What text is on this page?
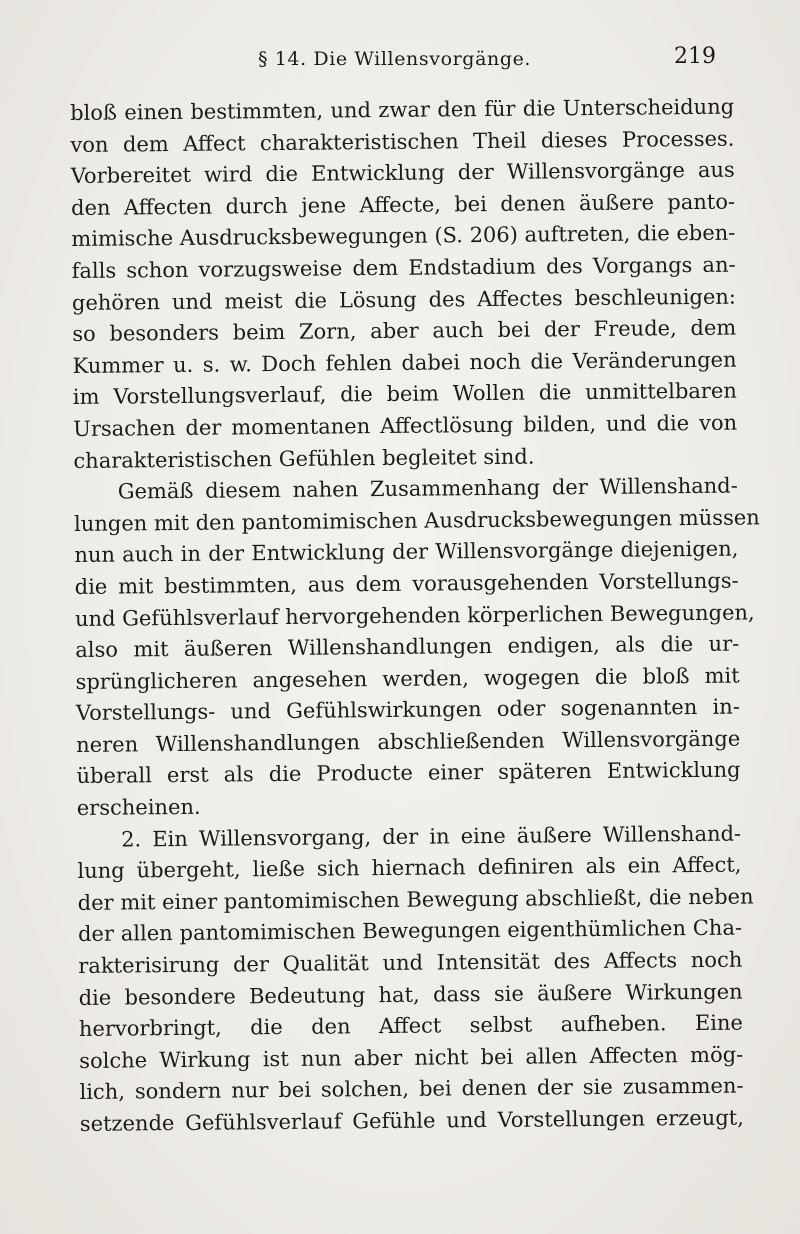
§ 14. Die Willensvorgänge.	219
bloß einen bestimmten, und zwar den für die Unterscheidung
von dem Affect charakteristischen Theil dieses Processes.
Vorbereitet wird die Entwicklung der Willensvorgänge aus
den Affecten durch jene Affecte, bei denen äußere panto-
mimische Ausdrucksbewegungen (S. 206) auftreten, die eben-
falls schon vorzugsweise dem Endstadium des Vorgangs an-
gehören und meist die Lösung des Affectes beschleunigen:
so besonders beim Zorn, aber auch bei der Freude, dem
Kummer u. s. w. Doch fehlen dabei noch die Veränderungen
im Vorstellungsverlauf, die beim Wollen die unmittelbaren
Ursachen der momentanen Affectlösung bilden, und die von
charakteristischen Gefühlen begleitet sind.
Gemäß diesem nahen Zusammenhang der Willenshand-
lungen mit den pantomimischen Ausdrucksbewegungen müssen
nun auch in der Entwicklung der Willensvorgänge diejenigen,
die mit bestimmten, aus dem vorausgehenden Vorstellungs-
und Gefühlsverlauf hervorgehenden körperlichen Bewegungen,
also mit äußeren Willenshandlungen endigen, als die ur-
sprünglicheren angesehen werden, wogegen die bloß mit
Vorstellungs- und Gefühlswirkungen oder sogenannten in-
neren Willenshandlungen abschließenden Willensvorgänge
überall erst als die Producte einer späteren Entwicklung
erscheinen.
2. Ein Willensvorgang, der in eine äußere Willenshand-
lung übergeht, ließe sich hiernach definiren als ein Affect,
der mit einer pantomimischen Bewegung abschließt, die neben
der allen pantomimischen Bewegungen eigenthümlichen Cha-
rakterisirung der Qualität und Intensität des Affects noch
die besondere Bedeutung hat, dass sie äußere Wirkungen
hervorbringt, die den Affect selbst aufheben. Eine
solche Wirkung ist nun aber nicht bei allen Affecten mög-
lich, sondern nur bei solchen, bei denen der sie zusammen-
setzende Gefühlsverlauf Gefühle und Vorstellungen erzeugt,
